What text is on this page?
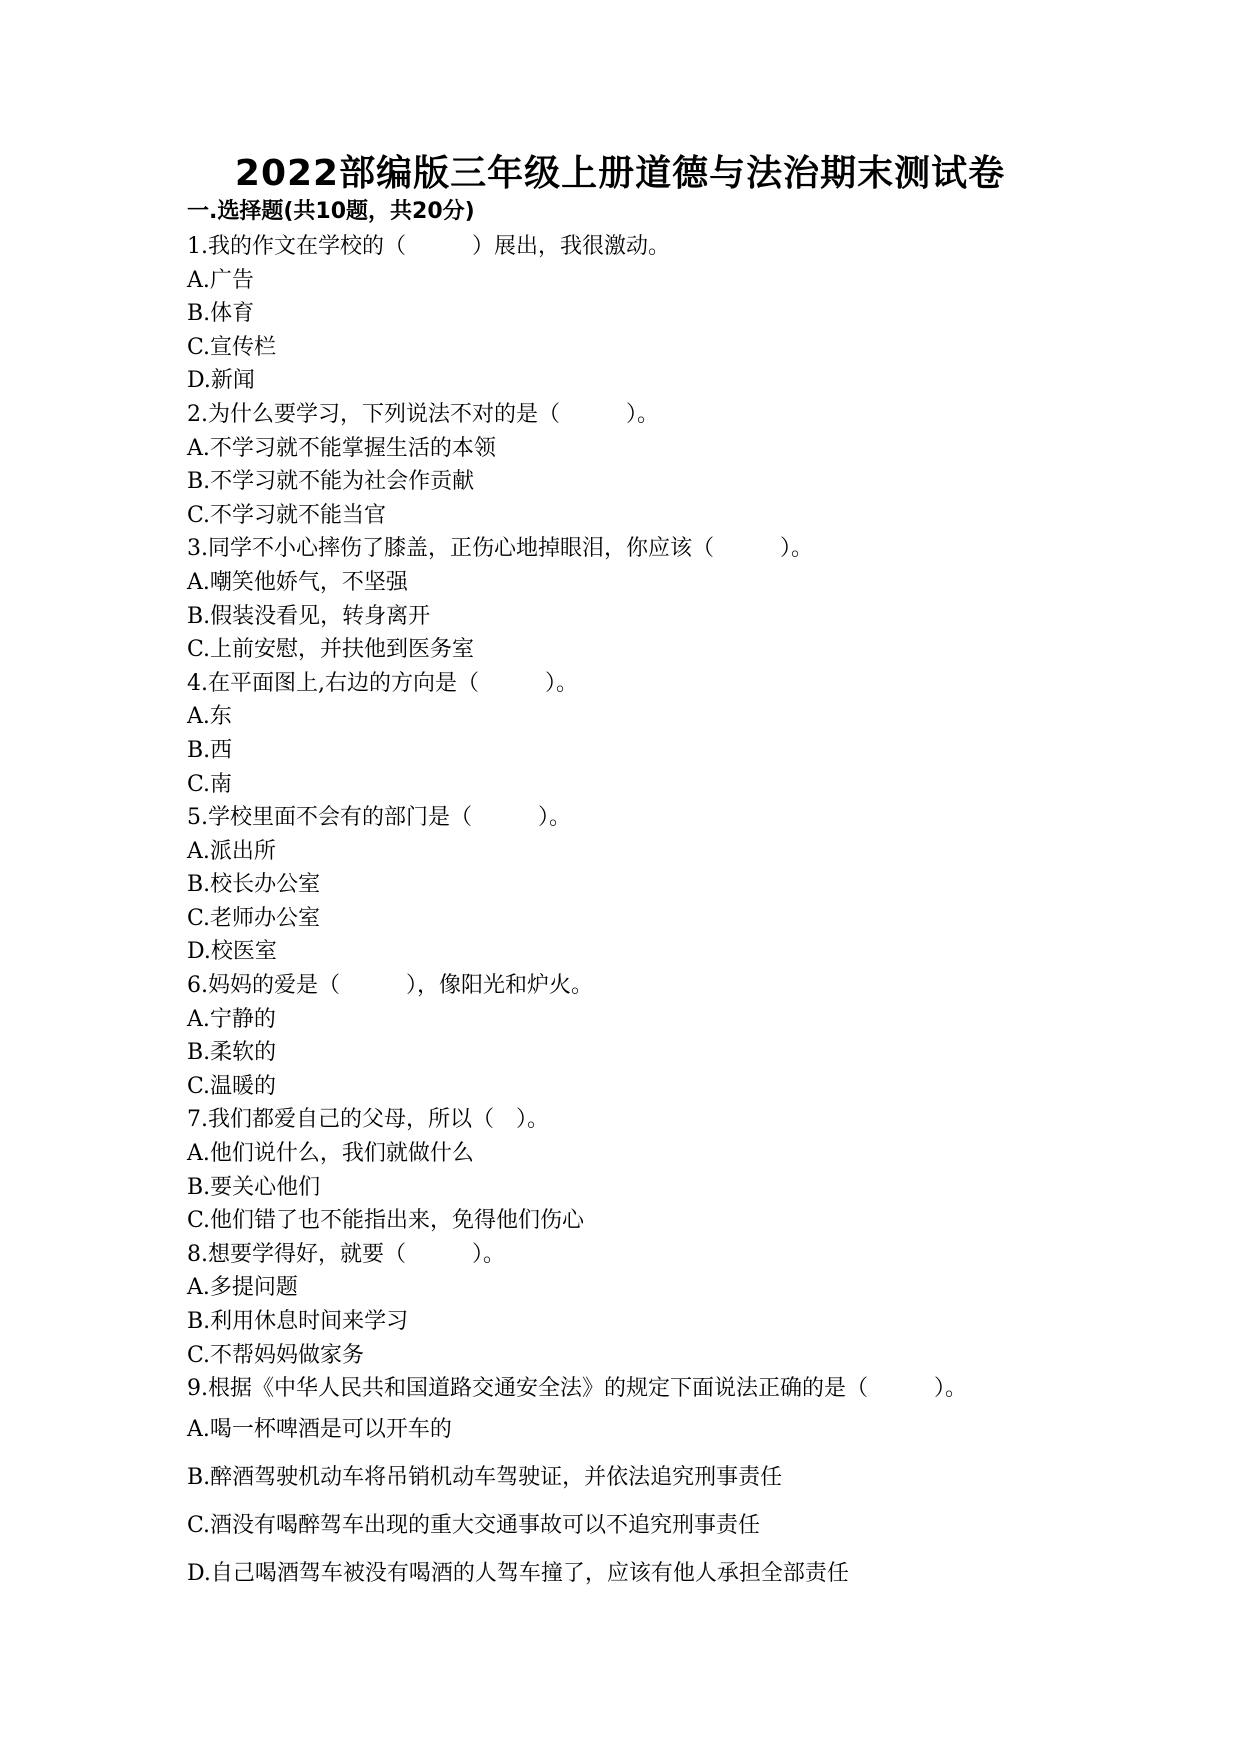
2022部编版三年级上册道德与法治期末测试卷
一.选择题(共10题，共20分)
1.我的作文在学校的（　　　）展出，我很激动。
A.广告
B.体育
C.宣传栏
D.新闻
2.为什么要学习，下列说法不对的是（　　　）。
A.不学习就不能掌握生活的本领
B.不学习就不能为社会作贡献
C.不学习就不能当官
3.同学不小心摔伤了膝盖，正伤心地掉眼泪，你应该（　　　）。
A.嘲笑他娇气，不坚强
B.假装没看见，转身离开
C.上前安慰，并扶他到医务室
4.在平面图上,右边的方向是（　　　）。
A.东
B.西
C.南
5.学校里面不会有的部门是（　　　）。
A.派出所
B.校长办公室
C.老师办公室
D.校医室
6.妈妈的爱是（　　　），像阳光和炉火。
A.宁静的
B.柔软的
C.温暖的
7.我们都爱自己的父母，所以（　）。
A.他们说什么，我们就做什么
B.要关心他们
C.他们错了也不能指出来，免得他们伤心
8.想要学得好，就要（　　　）。
A.多提问题
B.利用休息时间来学习
C.不帮妈妈做家务
9.根据《中华人民共和国道路交通安全法》的规定下面说法正确的是（　　　）。
A.喝一杯啤酒是可以开车的
B.醉酒驾驶机动车将吊销机动车驾驶证，并依法追究刑事责任
C.酒没有喝醉驾车出现的重大交通事故可以不追究刑事责任
D.自己喝酒驾车被没有喝酒的人驾车撞了，应该有他人承担全部责任
